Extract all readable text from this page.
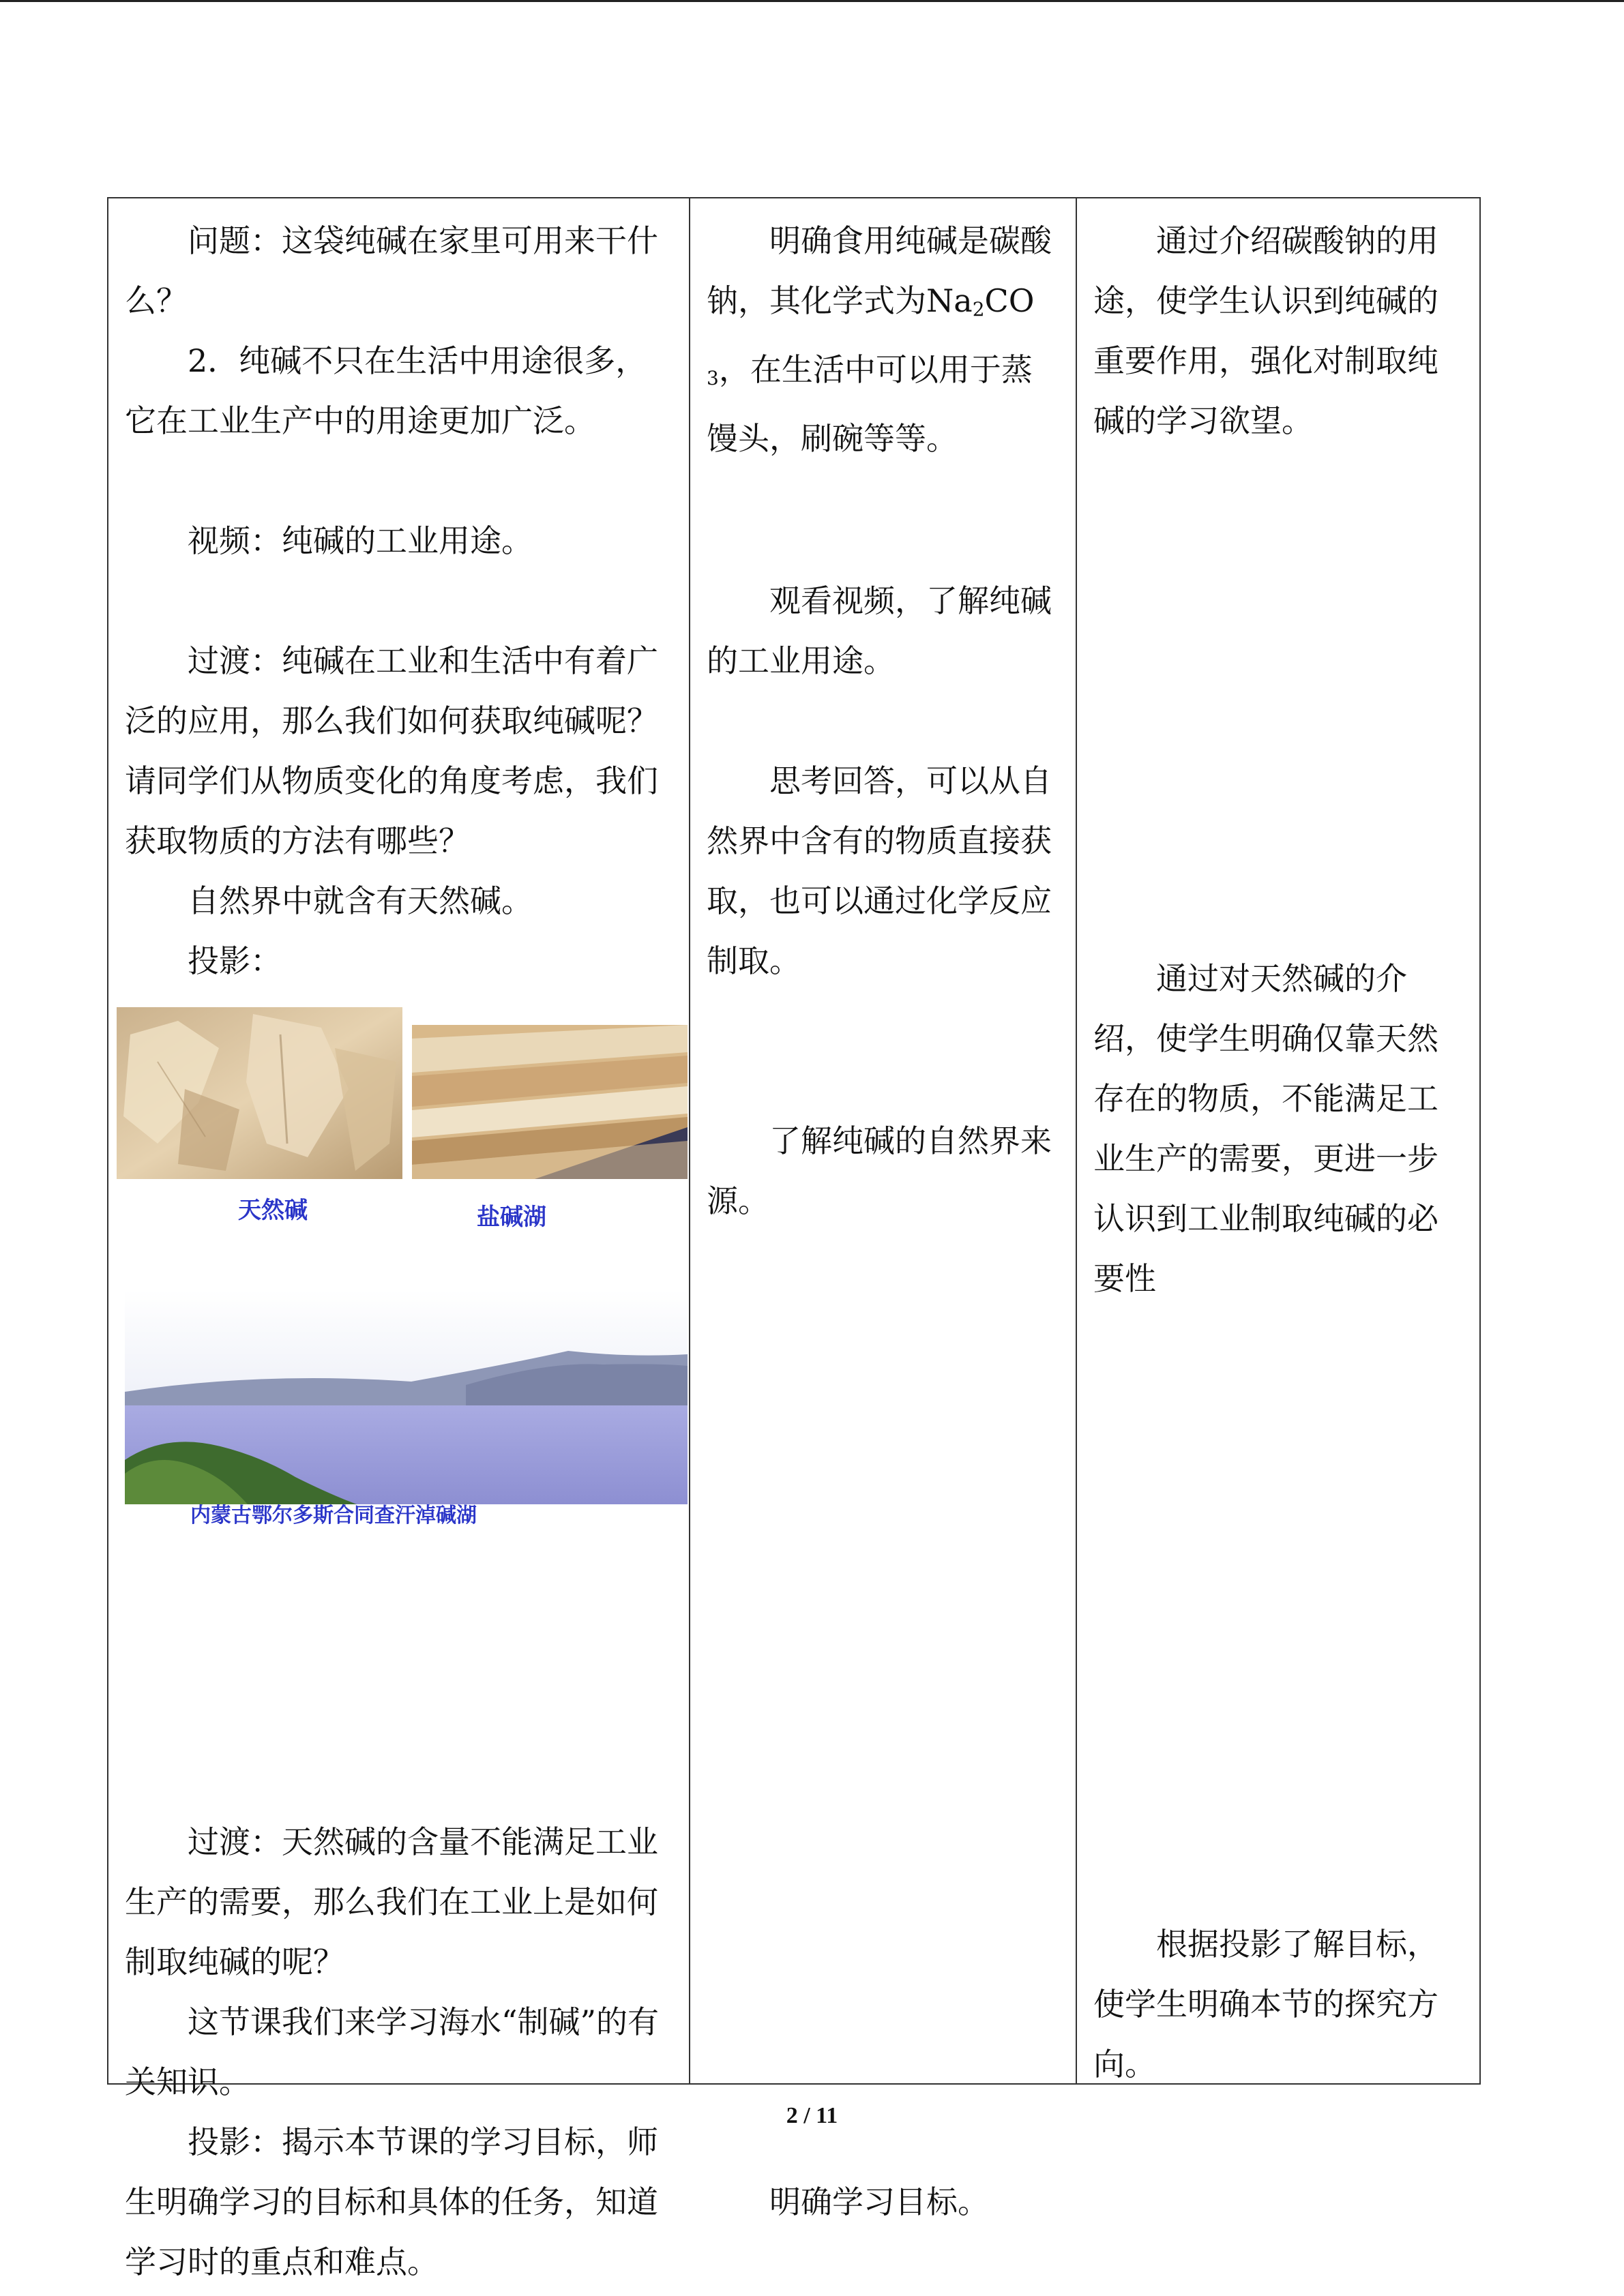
问题：这袋纯碱在家里可用来干什么？

2．纯碱不只在生活中用途很多，它在工业生产中的用途更加广泛。

视频：纯碱的工业用途。

过渡：纯碱在工业和生活中有着广泛的应用，那么我们如何获取纯碱呢？请同学们从物质变化的角度考虑，我们获取物质的方法有哪些？

自然界中就含有天然碱。

投影：

天然碱	盐碱湖
内蒙古鄂尔多斯合同查汗淖碱湖

过渡：天然碱的含量不能满足工业生产的需要，那么我们在工业上是如何制取纯碱的呢？

这节课我们来学习海水“制碱”的有关知识。

投影：揭示本节课的学习目标，师生明确学习的目标和具体的任务，知道学习时的重点和难点。

明确食用纯碱是碳酸钠，其化学式为$Na_2CO_3$，在生活中可以用于蒸馒头，刷碗等等。

观看视频，了解纯碱的工业用途。

思考回答，可以从自然界中含有的物质直接获取，也可以通过化学反应制取。

了解纯碱的自然界来源。

明确学习目标。

通过介绍碳酸钠的用途，使学生认识到纯碱的重要作用，强化对制取纯碱的学习欲望。

通过对天然碱的介绍，使学生明确仅靠天然存在的物质，不能满足工业生产的需要，更进一步认识到工业制取纯碱的必要性

根据投影了解目标，使学生明确本节的探究方向。

2 / 11
